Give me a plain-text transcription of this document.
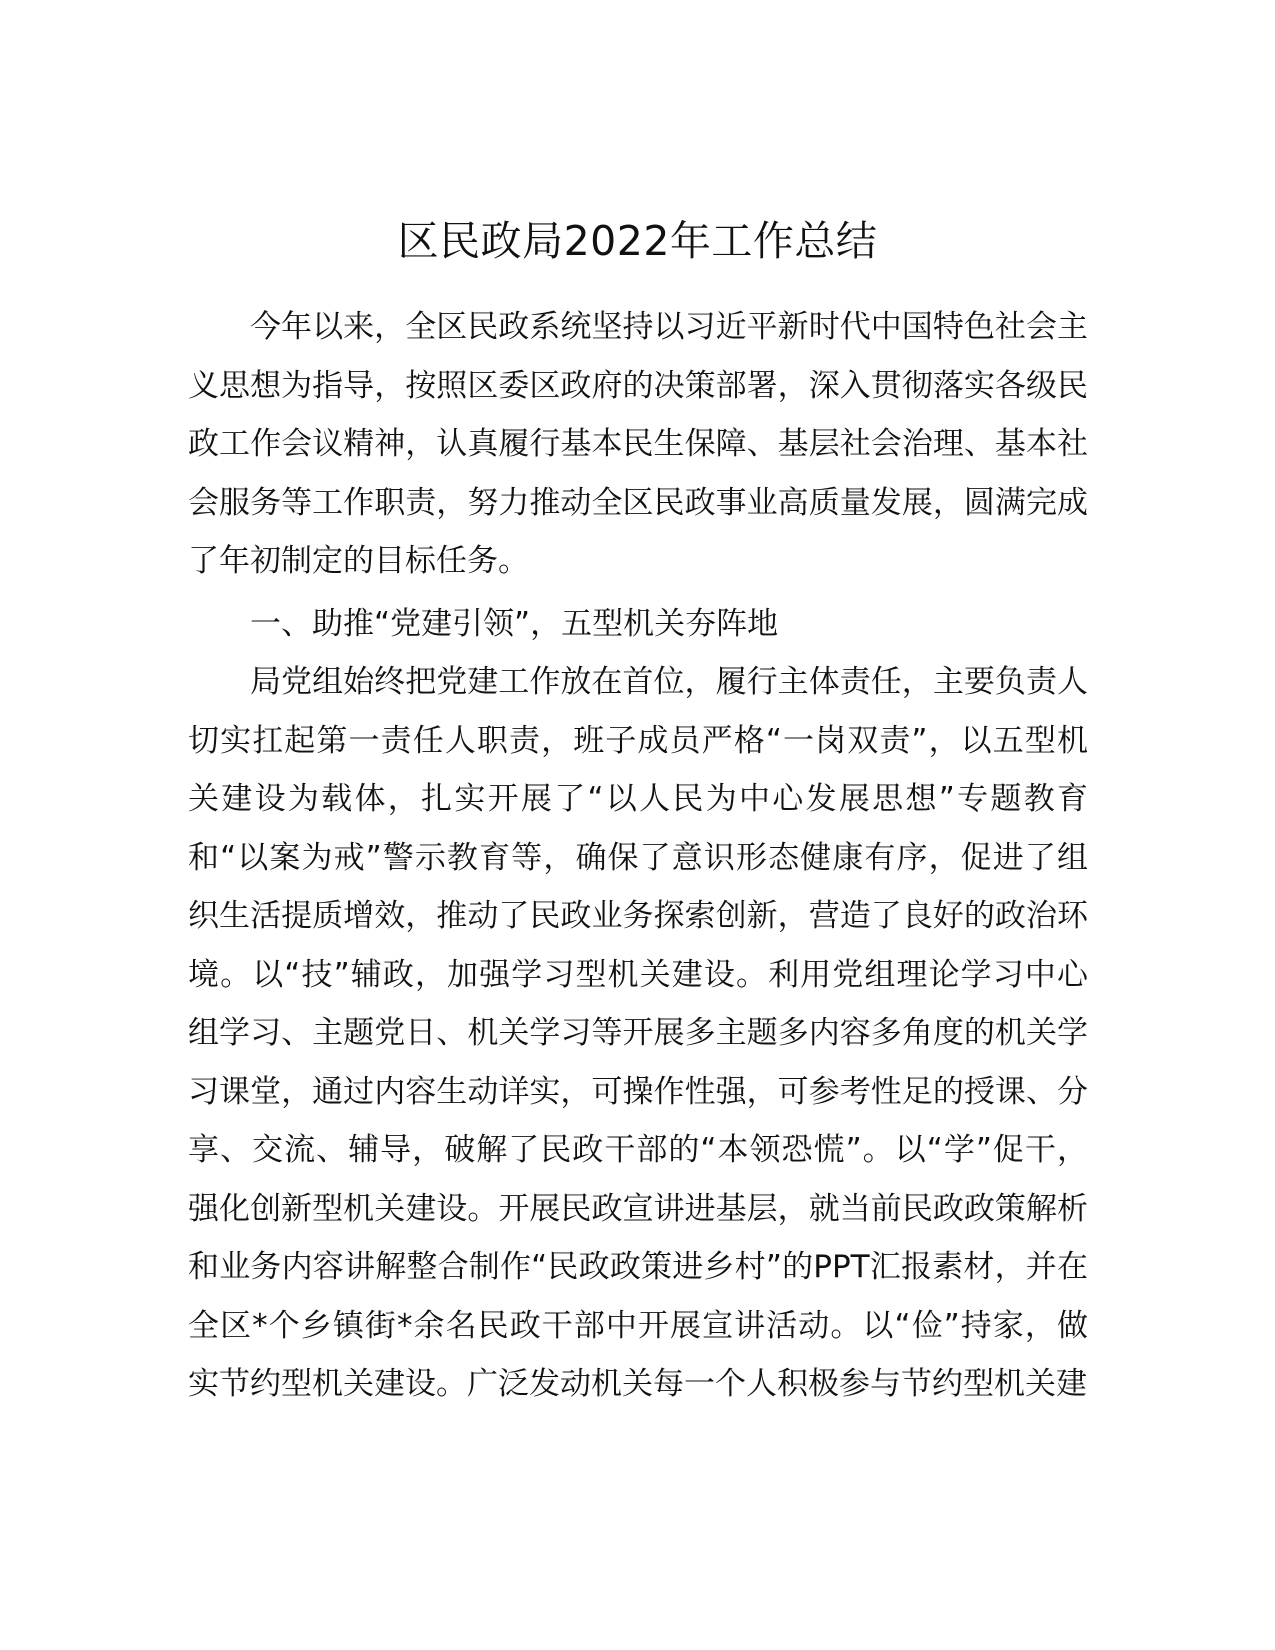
区民政局2022年工作总结

今年以来，全区民政系统坚持以习近平新时代中国特色社会主义思想为指导，按照区委区政府的决策部署，深入贯彻落实各级民政工作会议精神，认真履行基本民生保障、基层社会治理、基本社会服务等工作职责，努力推动全区民政事业高质量发展，圆满完成了年初制定的目标任务。

一、助推“党建引领”，五型机关夯阵地

局党组始终把党建工作放在首位，履行主体责任，主要负责人切实扛起第一责任人职责，班子成员严格“一岗双责”，以五型机关建设为载体，扎实开展了“以人民为中心发展思想”专题教育和“以案为戒”警示教育等，确保了意识形态健康有序，促进了组织生活提质增效，推动了民政业务探索创新，营造了良好的政治环境。以“技”辅政，加强学习型机关建设。利用党组理论学习中心组学习、主题党日、机关学习等开展多主题多内容多角度的机关学习课堂，通过内容生动详实，可操作性强，可参考性足的授课、分享、交流、辅导，破解了民政干部的“本领恐慌”。以“学”促干，强化创新型机关建设。开展民政宣讲进基层，就当前民政政策解析和业务内容讲解整合制作“民政政策进乡村”的PPT汇报素材，并在全区*个乡镇街*余名民政干部中开展宣讲活动。以“俭”持家，做实节约型机关建设。广泛发动机关每一个人积极参与节约型机关建
